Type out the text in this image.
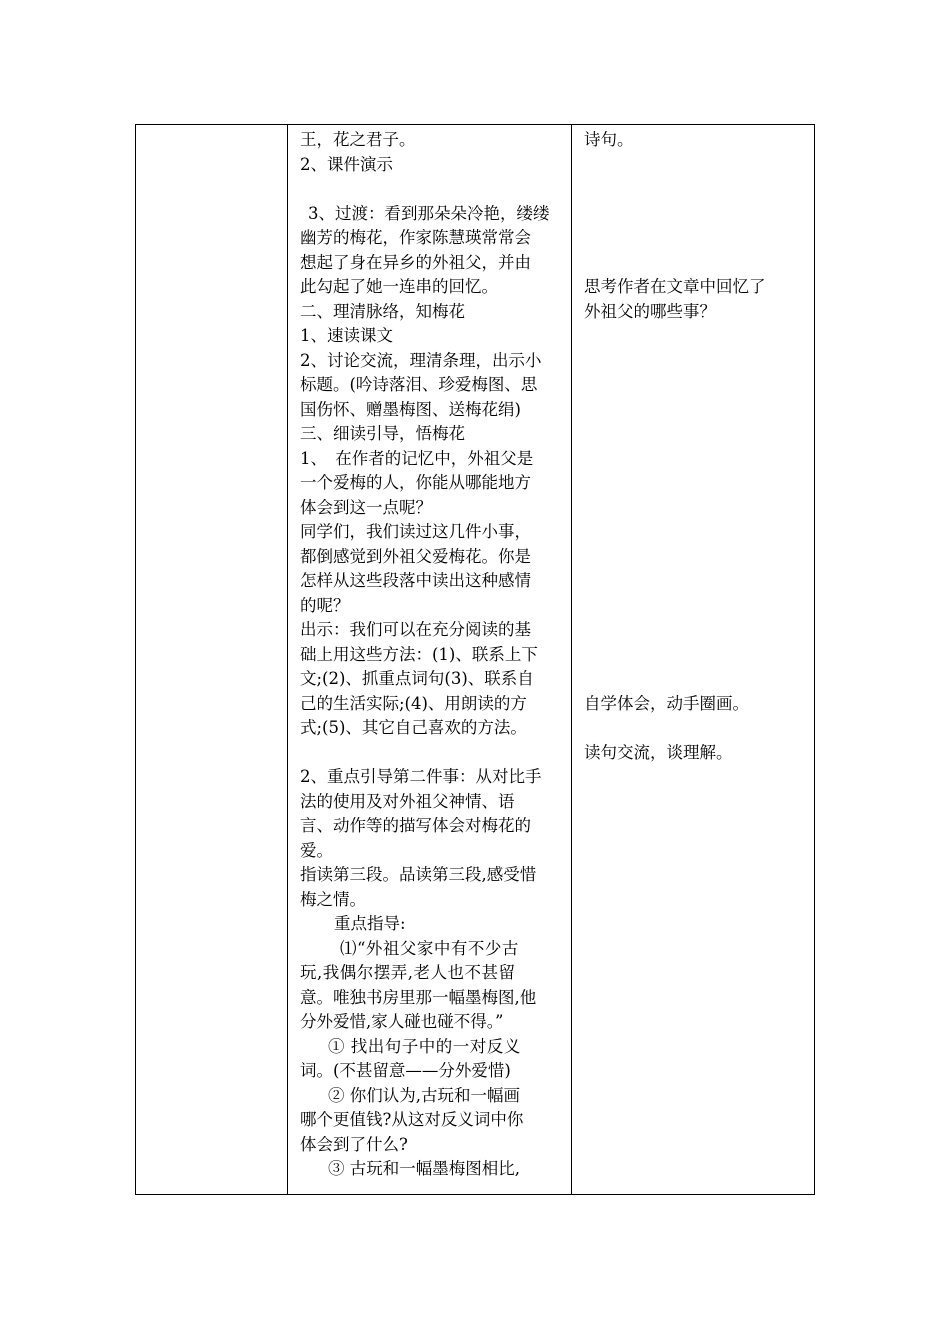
王，花之君子。
2、课件演示
3、过渡：看到那朵朵冷艳，缕缕
幽芳的梅花，作家陈慧瑛常常会
想起了身在异乡的外祖父，并由
此勾起了她一连串的回忆。
二、理清脉络，知梅花
1、速读课文
2、讨论交流，理清条理，出示小
标题。(吟诗落泪、珍爱梅图、思
国伤怀、赠墨梅图、送梅花绢)
三、细读引导，悟梅花
1、　在作者的记忆中，外祖父是
一个爱梅的人，你能从哪能地方
体会到这一点呢？
同学们，我们读过这几件小事，
都倒感觉到外祖父爱梅花。你是
怎样从这些段落中读出这种感情
的呢？
出示：我们可以在充分阅读的基
础上用这些方法：(1)、联系上下
文;(2)、抓重点词句(3)、联系自
己的生活实际;(4)、用朗读的方
式;(5)、其它自己喜欢的方法。
2、重点引导第二件事：从对比手
法的使用及对外祖父神情、语
言、动作等的描写体会对梅花的
爱。
指读第三段。品读第三段,感受惜
梅之情。
重点指导:
⑴“外祖父家中有不少古
玩,我偶尔摆弄,老人也不甚留
意。唯独书房里那一幅墨梅图,他
分外爱惜,家人碰也碰不得。”
① 找出句子中的一对反义
词。(不甚留意——分外爱惜)
② 你们认为,古玩和一幅画
哪个更值钱?从这对反义词中你
体会到了什么?
③ 古玩和一幅墨梅图相比,
诗句。
思考作者在文章中回忆了
外祖父的哪些事？
自学体会，动手圈画。
读句交流，谈理解。
